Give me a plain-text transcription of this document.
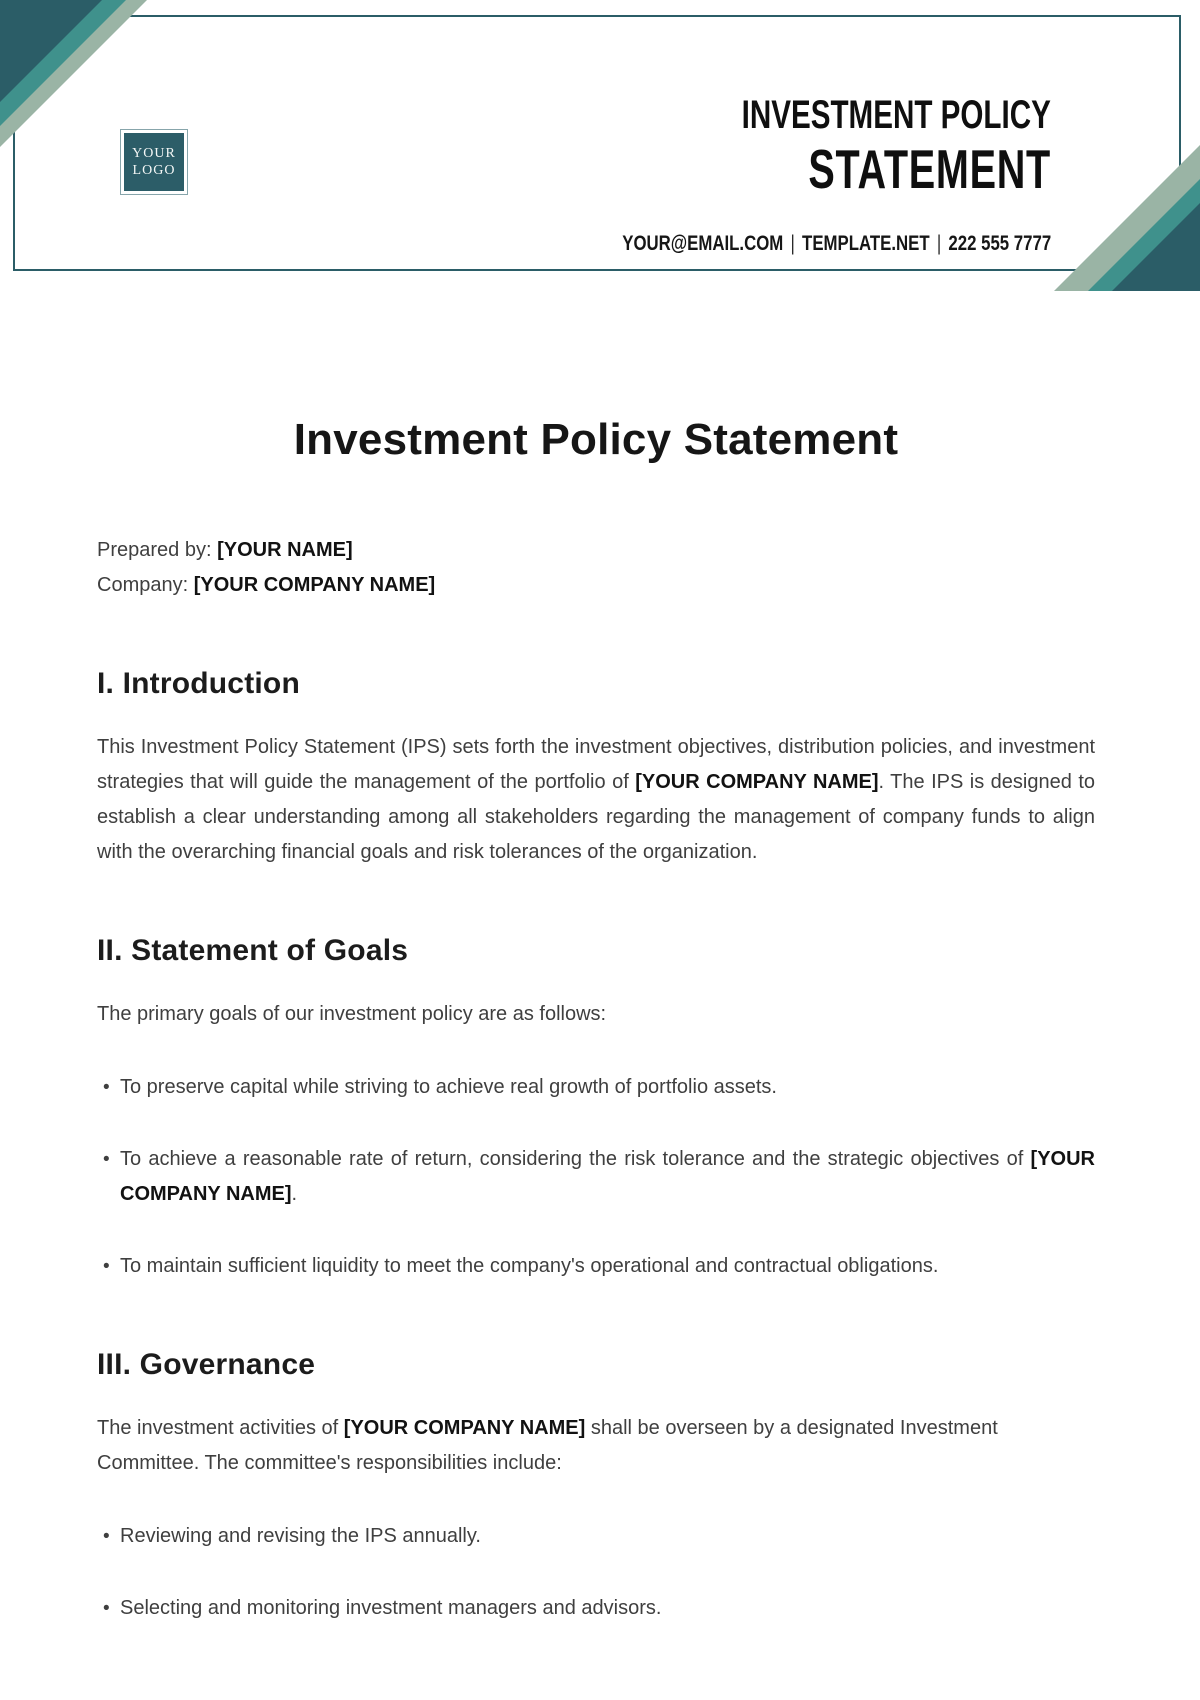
YOUR
LOGO
INVESTMENT POLICY
STATEMENT
YOUR@EMAIL.COM | TEMPLATE.NET | 222 555 7777
Investment Policy Statement

Prepared by: [YOUR NAME]
Company: [YOUR COMPANY NAME]

I. Introduction

This Investment Policy Statement (IPS) sets forth the investment objectives, distribution policies, and investment strategies that will guide the management of the portfolio of [YOUR COMPANY NAME]. The IPS is designed to establish a clear understanding among all stakeholders regarding the management of company funds to align with the overarching financial goals and risk tolerances of the organization.

II. Statement of Goals

The primary goals of our investment policy are as follows:

• To preserve capital while striving to achieve real growth of portfolio assets.
• To achieve a reasonable rate of return, considering the risk tolerance and the strategic objectives of [YOUR COMPANY NAME].
• To maintain sufficient liquidity to meet the company's operational and contractual obligations.
III. Governance

The investment activities of [YOUR COMPANY NAME] shall be overseen by a designated Investment Committee. The committee's responsibilities include:

• Reviewing and revising the IPS annually.
• Selecting and monitoring investment managers and advisors.
